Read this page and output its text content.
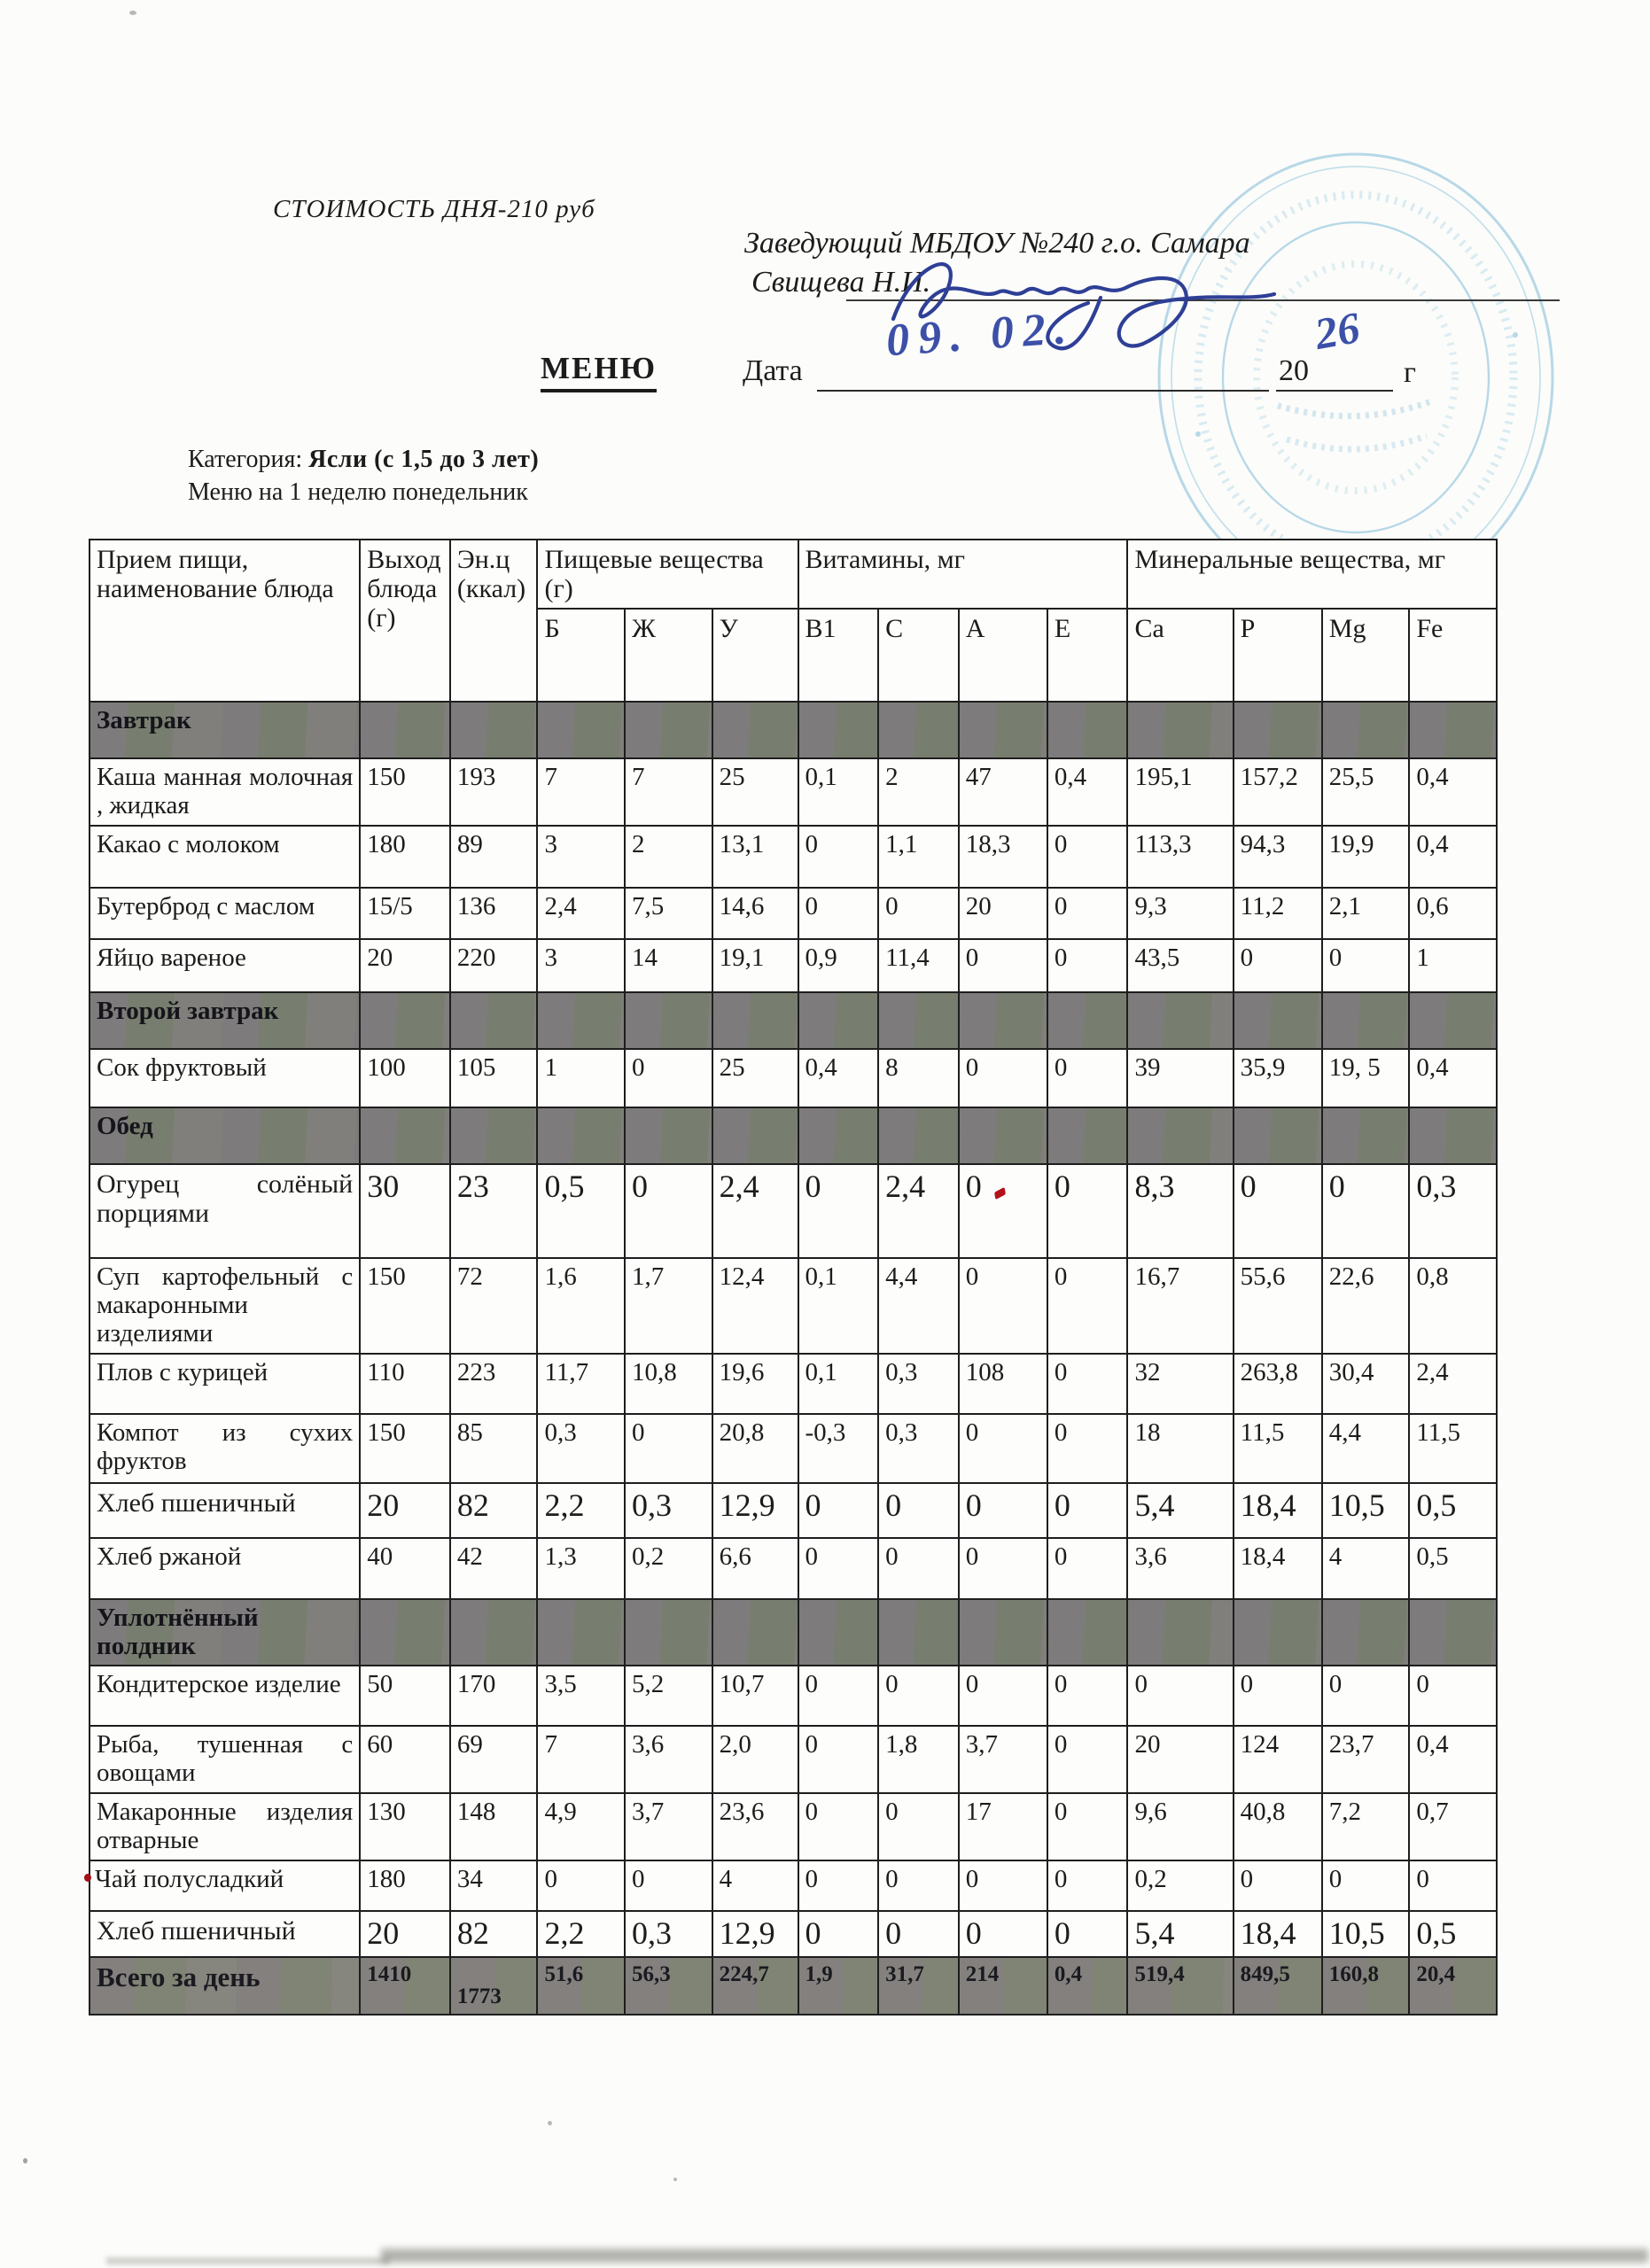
СТОИМОСТЬ ДНЯ-210 руб
Заведующий МБДОУ №240 г.о. Самара
Свищева Н.И.
МЕНЮ	Дата
09. 02.
20
26
г
Категория: Ясли (с 1,5 до 3 лет)
Меню на 1 неделю понедельник
Прием пищи, наименование блюда	Выход блюда (г)	Эн.ц (ккал)	Пищевые вещества (г)			Витамины, мг				Минеральные вещества, мг			
			Б	Ж	У	В1	С	А	Е	Ca	P	Mg	Fe
Завтрак													
Каша манная молочная , жидкая	150	193	7	7	25	0,1	2	47	0,4	195,1	157,2	25,5	0,4
Какао с молоком	180	89	3	2	13,1	0	1,1	18,3	0	113,3	94,3	19,9	0,4
Бутерброд с маслом	15/5	136	2,4	7,5	14,6	0	0	20	0	9,3	11,2	2,1	0,6
Яйцо вареное	20	220	3	14	19,1	0,9	11,4	0	0	43,5	0	0	1
Второй завтрак													
Сок фруктовый	100	105	1	0	25	0,4	8	0	0	39	35,9	19, 5	0,4
Обед													
Огурец солёный порциями	30	23	0,5	0	2,4	0	2,4	0	0	8,3	0	0	0,3
Суп картофельный с макаронными изделиями	150	72	1,6	1,7	12,4	0,1	4,4	0	0	16,7	55,6	22,6	0,8
Плов с курицей	110	223	11,7	10,8	19,6	0,1	0,3	108	0	32	263,8	30,4	2,4
Компот из сухих фруктов	150	85	0,3	0	20,8	-0,3	0,3	0	0	18	11,5	4,4	11,5
Хлеб пшеничный	20	82	2,2	0,3	12,9	0	0	0	0	5,4	18,4	10,5	0,5
Хлеб ржаной	40	42	1,3	0,2	6,6	0	0	0	0	3,6	18,4	4	0,5
Уплотнённый полдник													
Кондитерское изделие	50	170	3,5	5,2	10,7	0	0	0	0	0	0	0	0
Рыба, тушенная с овощами	60	69	7	3,6	2,0	0	1,8	3,7	0	20	124	23,7	0,4
Макаронные изделия отварные	130	148	4,9	3,7	23,6	0	0	17	0	9,6	40,8	7,2	0,7
Чай полусладкий	180	34	0	0	4	0	0	0	0	0,2	0	0	0
Хлеб пшеничный	20	82	2,2	0,3	12,9	0	0	0	0	5,4	18,4	10,5	0,5
Всего за день	1410	1773	51,6	56,3	224,7	1,9	31,7	214	0,4	519,4	849,5	160,8	20,4
